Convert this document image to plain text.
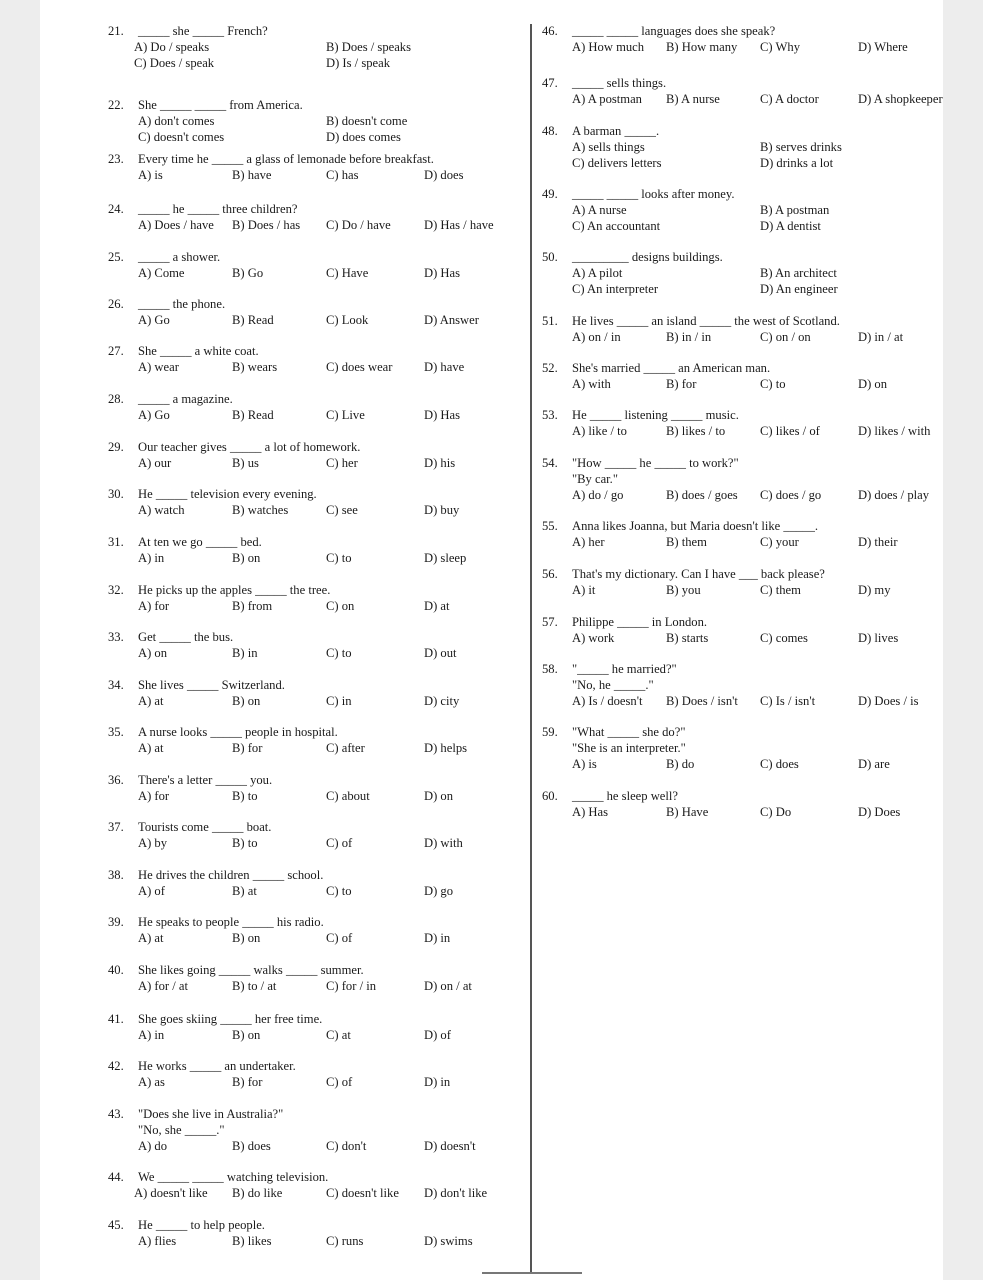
21. _____ she _____ French?
A) Do / speaks	B) Does / speaks
C) Does / speak	D) Is / speak
22. She _____ _____ from America.
A) don't comes	B) doesn't come
C) doesn't comes	D) does comes
23. Every time he _____ a glass of lemonade before breakfast.
A) is	B) have	C) has	D) does
24. _____ he _____ three children?
A) Does / have B) Does / has C) Do / have	D) Has / have
25. _____ a shower.
A) Come	B) Go	C) Have	D) Has
26. _____ the phone.
A) Go	B) Read	C) Look	D) Answer
27. She _____ a white coat.
A) wear	B) wears	C) does wear	D) have
28. _____ a magazine.
A) Go	B) Read	C) Live	D) Has
29. Our teacher gives _____ a lot of homework.
A) our	B) us	C) her	D) his
30. He _____ television every evening.
A) watch	B) watches	C) see	D) buy
31. At ten we go _____ bed.
A) in	B) on	C) to	D) sleep
32. He picks up the apples _____ the tree.
A) for	B) from	C) on	D) at
33. Get _____ the bus.
A) on	B) in	C) to	D) out
34. She lives _____ Switzerland.
A) at	B) on	C) in	D) city
35. A nurse looks _____ people in hospital.
A) at	B) for	C) after	D) helps
36. There's a letter _____ you.
A) for	B) to	C) about	D) on
37. Tourists come _____ boat.
A) by	B) to	C) of	D) with
38. He drives the children _____ school.
A) of	B) at	C) to	D) go
39. He speaks to people _____ his radio.
A) at	B) on	C) of	D) in
40. She likes going _____ walks _____ summer.
A) for / at	B) to / at	C) for / in	D) on / at
41. She goes skiing _____ her free time.
A) in	B) on	C) at	D) of
42. He works _____ an undertaker.
A) as	B) for	C) of	D) in
43. "Does she live in Australia?"
"No, she _____."
A) do	B) does	C) don't	D) doesn't
44. We _____ _____ watching television.
A) doesn't like B) do like	C) doesn't like D) don't like
45. He _____ to help people.
A) flies	B) likes	C) runs	D) swims
46. _____ _____ languages does she speak?
A) How much B) How many C) Why	D) Where
47. _____ sells things.
A) A postman B) A nurse	C) A doctor	D) A shopkeeper
48. A barman _____.
A) sells things	B) serves drinks
C) delivers letters	D) drinks a lot
49. _____ _____ looks after money.
A) A nurse	B) A postman
C) An accountant	D) A dentist
50. _________ designs buildings.
A) A pilot	B) An architect
C) An interpreter	D) An engineer
51. He lives _____ an island _____ the west of Scotland.
A) on / in	B) in / in	C) on / on	D) in / at
52. She's married _____ an American man.
A) with	B) for	C) to	D) on
53. He _____ listening _____ music.
A) like / to	B) likes / to	C) likes / of	D) likes / with
54. "How _____ he _____ to work?"
"By car."
A) do / go	B) does / goes C) does / go	D) does / play
55. Anna likes Joanna, but Maria doesn't like _____.
A) her	B) them	C) your	D) their
56. That's my dictionary. Can I have ___ back please?
A) it	B) you	C) them	D) my
57. Philippe _____ in London.
A) work	B) starts	C) comes	D) lives
58. "_____ he married?"
"No, he _____."
A) Is / doesn't B) Does / isn't C) Is / isn't	D) Does / is
59. "What _____ she do?"
"She is an interpreter."
A) is	B) do	C) does	D) are
60. _____ he sleep well?
A) Has	B) Have	C) Do	D) Does
